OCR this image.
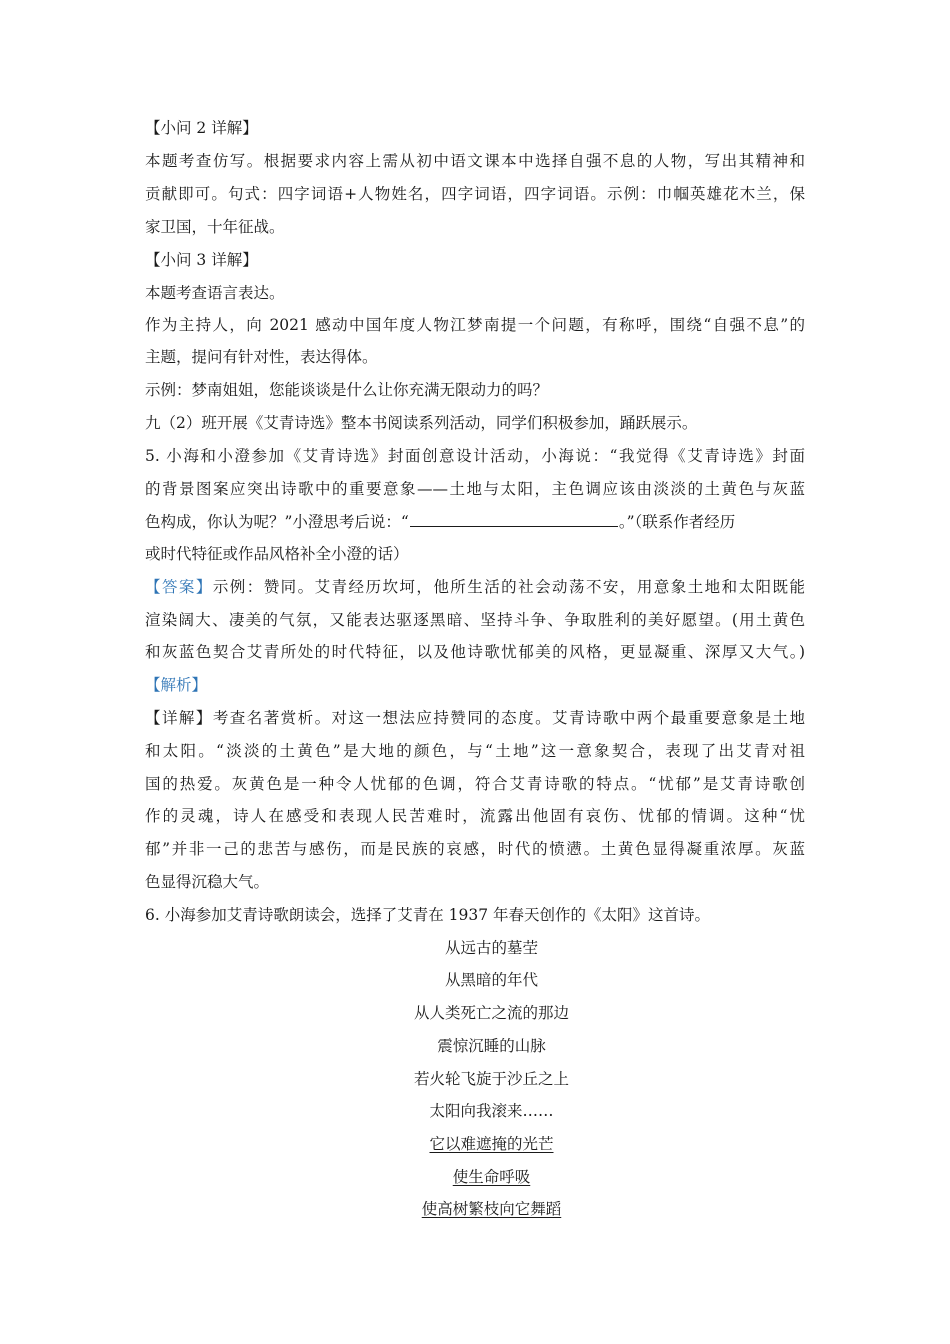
【小问 2 详解】
本题考查仿写。根据要求内容上需从初中语文课本中选择自强不息的人物，写出其精神和
贡献即可。句式：四字词语+人物姓名，四字词语，四字词语。示例：巾帼英雄花木兰，保
家卫国，十年征战。
【小问 3 详解】
本题考查语言表达。
作为主持人，向 2021 感动中国年度人物江梦南提一个问题，有称呼，围绕“自强不息”的
主题，提问有针对性，表达得体。
示例：梦南姐姐，您能谈谈是什么让你充满无限动力的吗？
九（2）班开展《艾青诗选》整本书阅读系列活动，同学们积极参加，踊跃展示。
5. 小海和小澄参加《艾青诗选》封面创意设计活动，小海说：“我觉得《艾青诗选》封面
的背景图案应突出诗歌中的重要意象——土地与太阳，主色调应该由淡淡的土黄色与灰蓝
色构成，你认为呢？”小澄思考后说：“	。”（联系作者经历
或时代特征或作品风格补全小澄的话）
【答案】示例：赞同。艾青经历坎坷，他所生活的社会动荡不安，用意象土地和太阳既能
渲染阔大、凄美的气氛，又能表达驱逐黑暗、坚持斗争、争取胜利的美好愿望。(用土黄色
和灰蓝色契合艾青所处的时代特征，以及他诗歌忧郁美的风格，更显凝重、深厚又大气。)
【解析】
【详解】考查名著赏析。对这一想法应持赞同的态度。艾青诗歌中两个最重要意象是土地
和太阳。“淡淡的土黄色”是大地的颜色，与“土地”这一意象契合，表现了出艾青对祖
国的热爱。灰黄色是一种令人忧郁的色调，符合艾青诗歌的特点。“忧郁”是艾青诗歌创
作的灵魂，诗人在感受和表现人民苦难时，流露出他固有哀伤、忧郁的情调。这种“忧
郁”并非一己的悲苦与感伤，而是民族的哀感，时代的愤懑。土黄色显得凝重浓厚。灰蓝
色显得沉稳大气。
6. 小海参加艾青诗歌朗读会，选择了艾青在 1937 年春天创作的《太阳》这首诗。
从远古的墓茔
从黑暗的年代
从人类死亡之流的那边
震惊沉睡的山脉
若火轮飞旋于沙丘之上
太阳向我滚来……
它以难遮掩的光芒
使生命呼吸
使高树繁枝向它舞蹈
